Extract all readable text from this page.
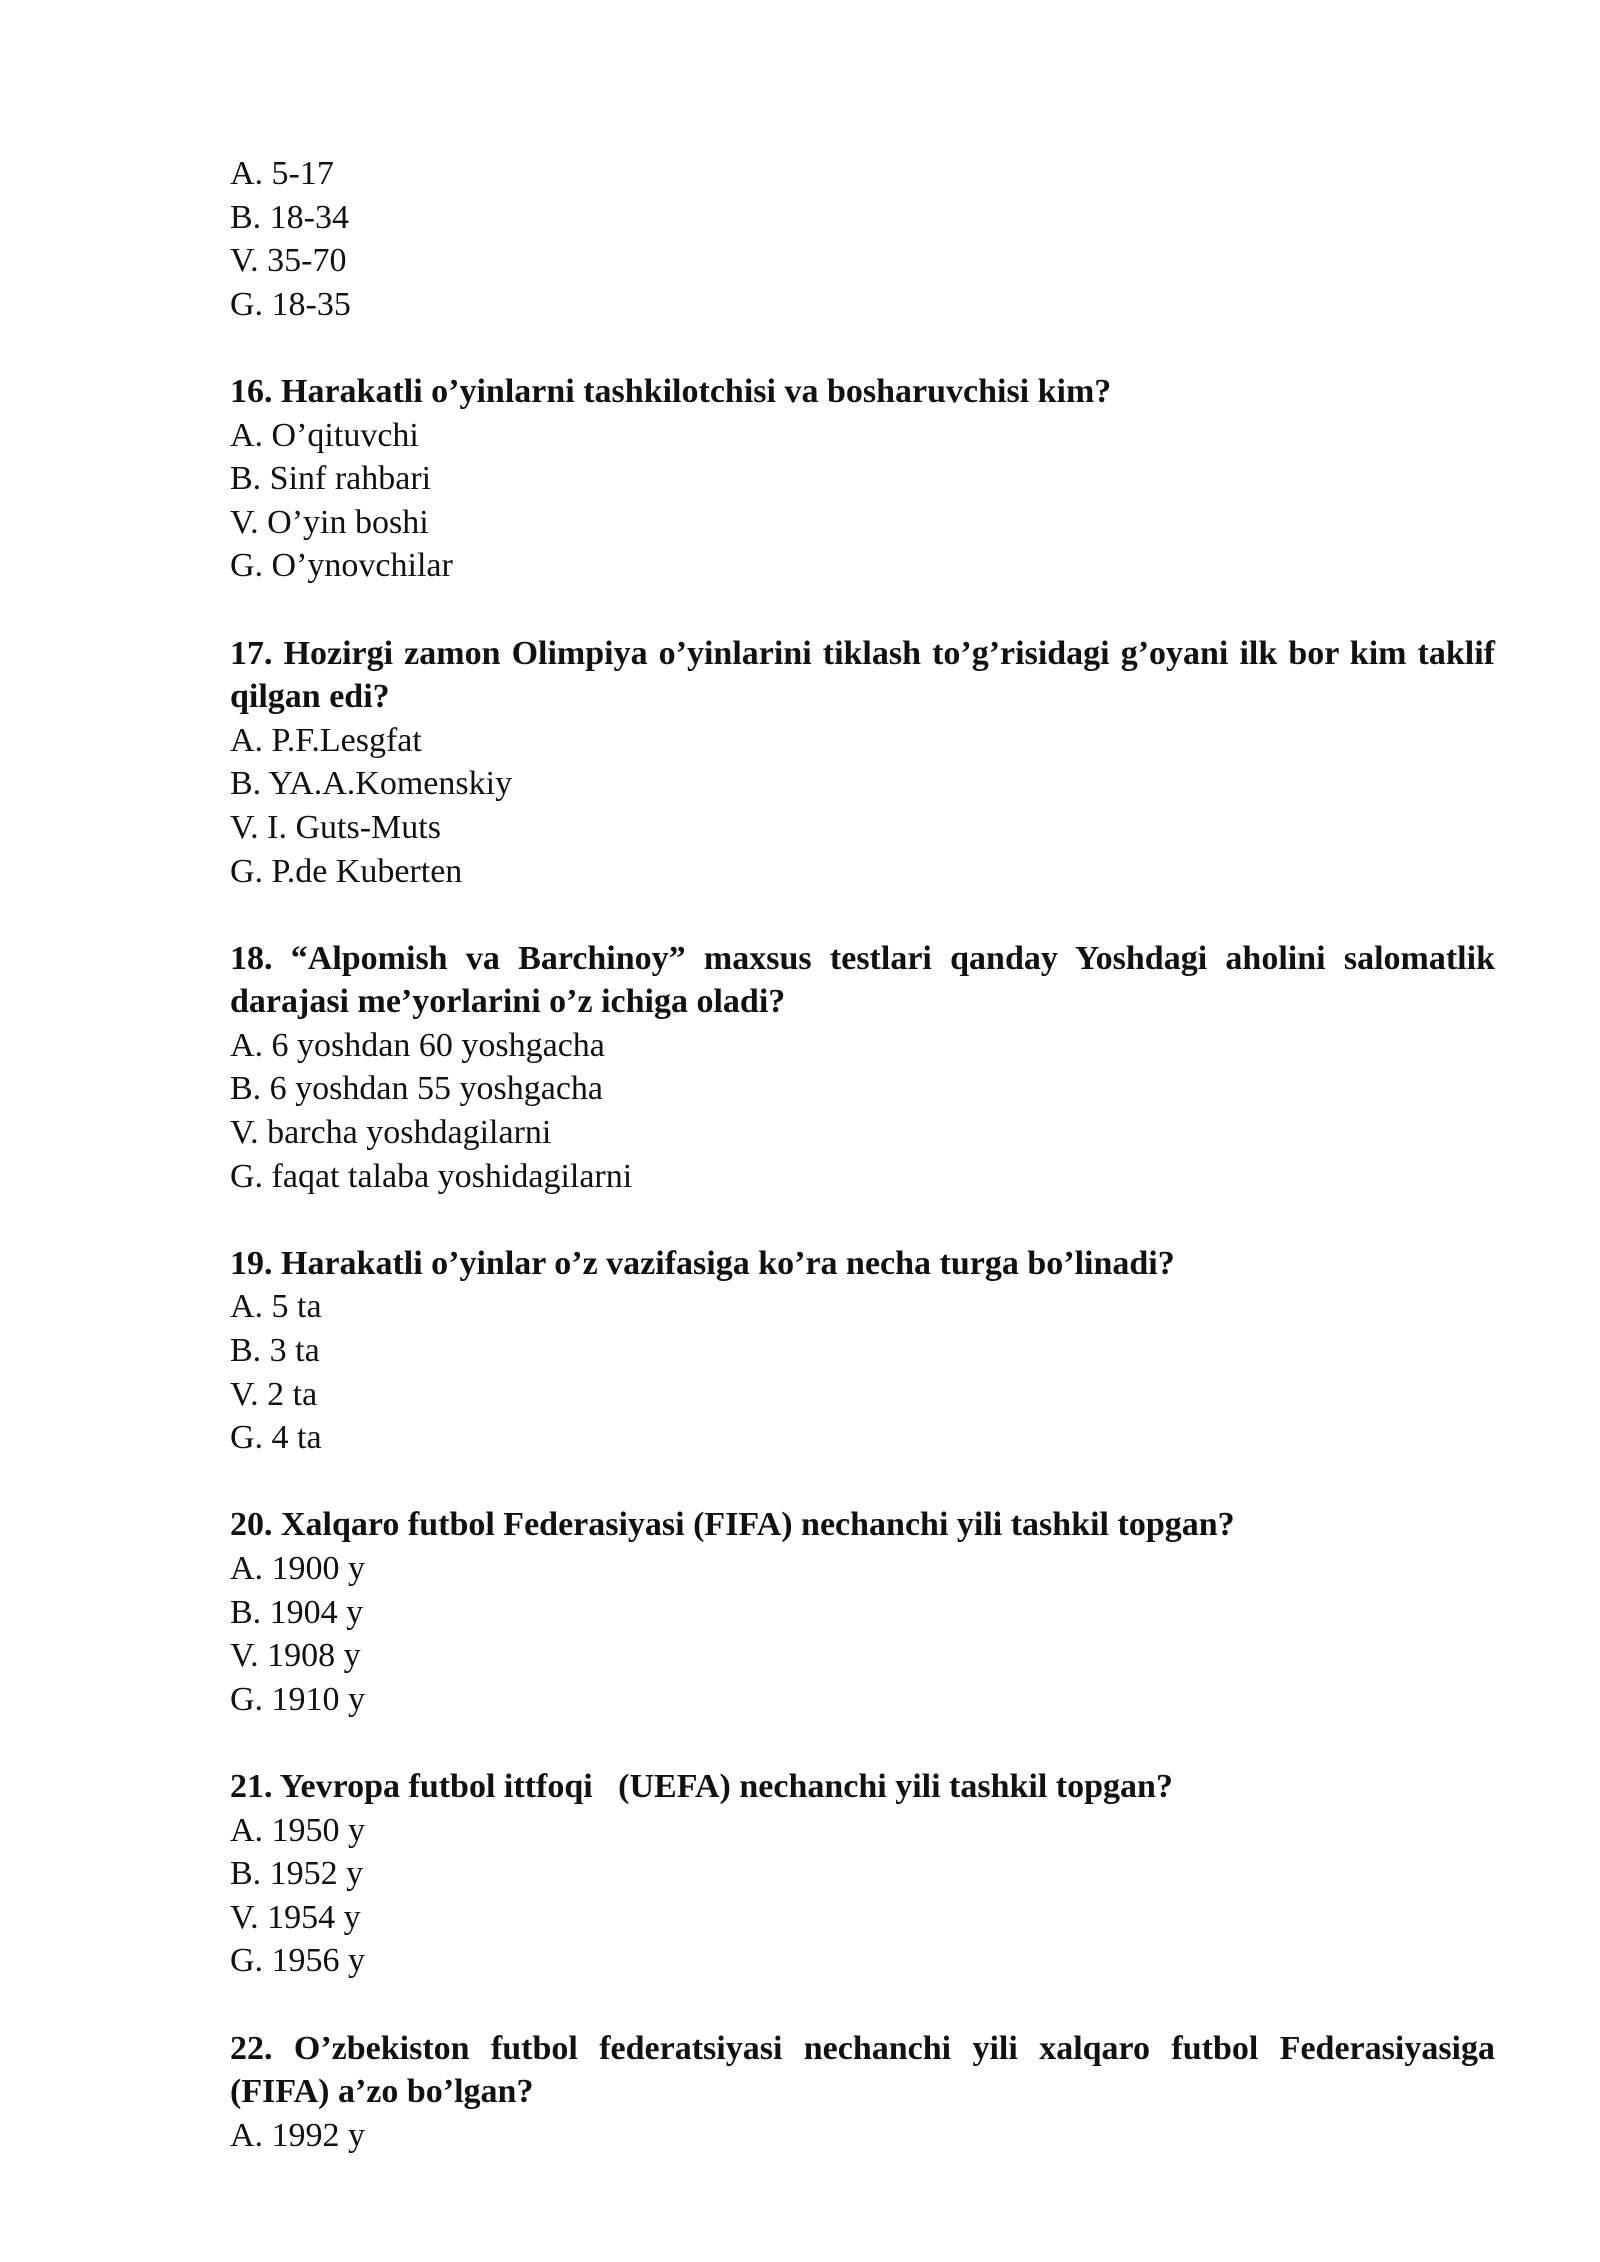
A. 5-17
B. 18-34
V. 35-70
G. 18-35
16. Harakatli o’yinlarni tashkilotchisi va bosharuvchisi kim?
A. O’qituvchi
B. Sinf rahbari
V. O’yin boshi
G. O’ynovchilar
17. Hozirgi zamon Olimpiya o’yinlarini tiklash to’g’risidagi g’oyani ilk bor kim taklif qilgan edi?
A. P.F.Lesgfat
B. YA.A.Komenskiy
V. I. Guts-Muts
G. P.de Kuberten
18. “Alpomish va Barchinoy” maxsus testlari qanday Yoshdagi aholini salomatlik darajasi me’yorlarini o’z ichiga oladi?
A. 6 yoshdan 60 yoshgacha
B. 6 yoshdan 55 yoshgacha
V. barcha yoshdagilarni
G. faqat talaba yoshidagilarni
19. Harakatli o’yinlar o’z vazifasiga ko’ra necha turga bo’linadi?
A. 5 ta
B. 3 ta
V. 2 ta
G. 4 ta
20. Xalqaro futbol Federasiyasi (FIFA) nechanchi yili tashkil topgan?
A. 1900 y
B. 1904 y
V. 1908 y
G. 1910 y
21. Yevropa futbol ittfoqi   (UEFA) nechanchi yili tashkil topgan?
A. 1950 y
B. 1952 y
V. 1954 y
G. 1956 y
22. O’zbekiston futbol federatsiyasi nechanchi yili xalqaro futbol Federasiyasiga (FIFA) a’zo bo’lgan?
A. 1992 y
